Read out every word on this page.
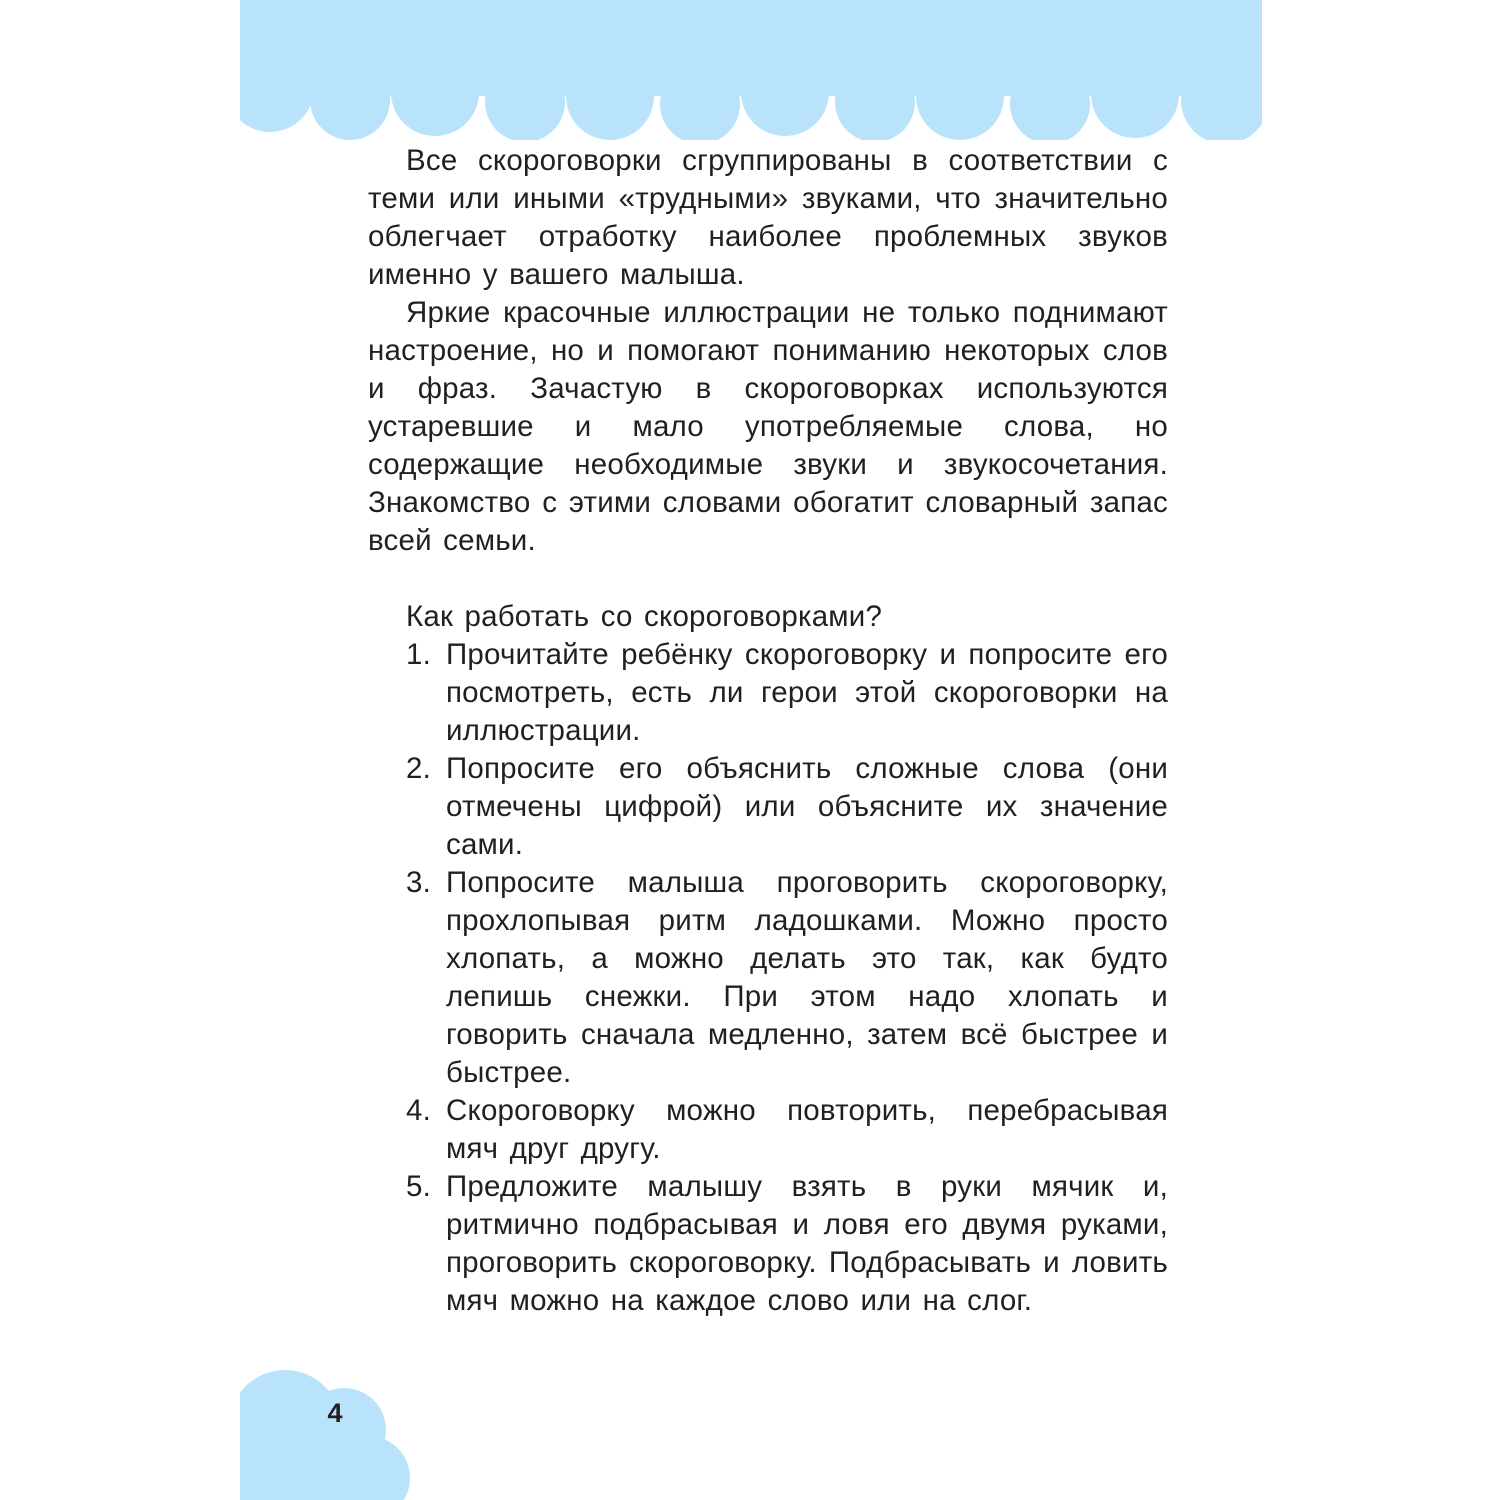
Все скороговорки сгруппированы в соответствии с теми или иными «трудными» звуками, что значительно облегчает отработку наиболее проблемных звуков именно у вашего малыша.

Яркие красочные иллюстрации не только поднимают настроение, но и помогают пониманию некоторых слов и фраз. Зачастую в скороговорках используются устаревшие и мало употребляемые слова, но содержащие необходимые звуки и звукосочетания. Знакомство с этими словами обогатит словарный запас всей семьи.

Как работать со скороговорками?

1. Прочитайте ребёнку скороговорку и попросите его посмотреть, есть ли герои этой скороговорки на иллюстрации.
2. Попросите его объяснить сложные слова (они отмечены цифрой) или объясните их значение сами.
3. Попросите малыша проговорить скороговорку, прохлопывая ритм ладошками. Можно просто хлопать, а можно делать это так, как будто лепишь снежки. При этом надо хлопать и говорить сначала медленно, затем всё быстрее и быстрее.
4. Скороговорку можно повторить, перебрасывая мяч друг другу.
5. Предложите малышу взять в руки мячик и, ритмично подбрасывая и ловя его двумя руками, проговорить скороговорку. Подбрасывать и ловить мяч можно на каждое слово или на слог.
4
